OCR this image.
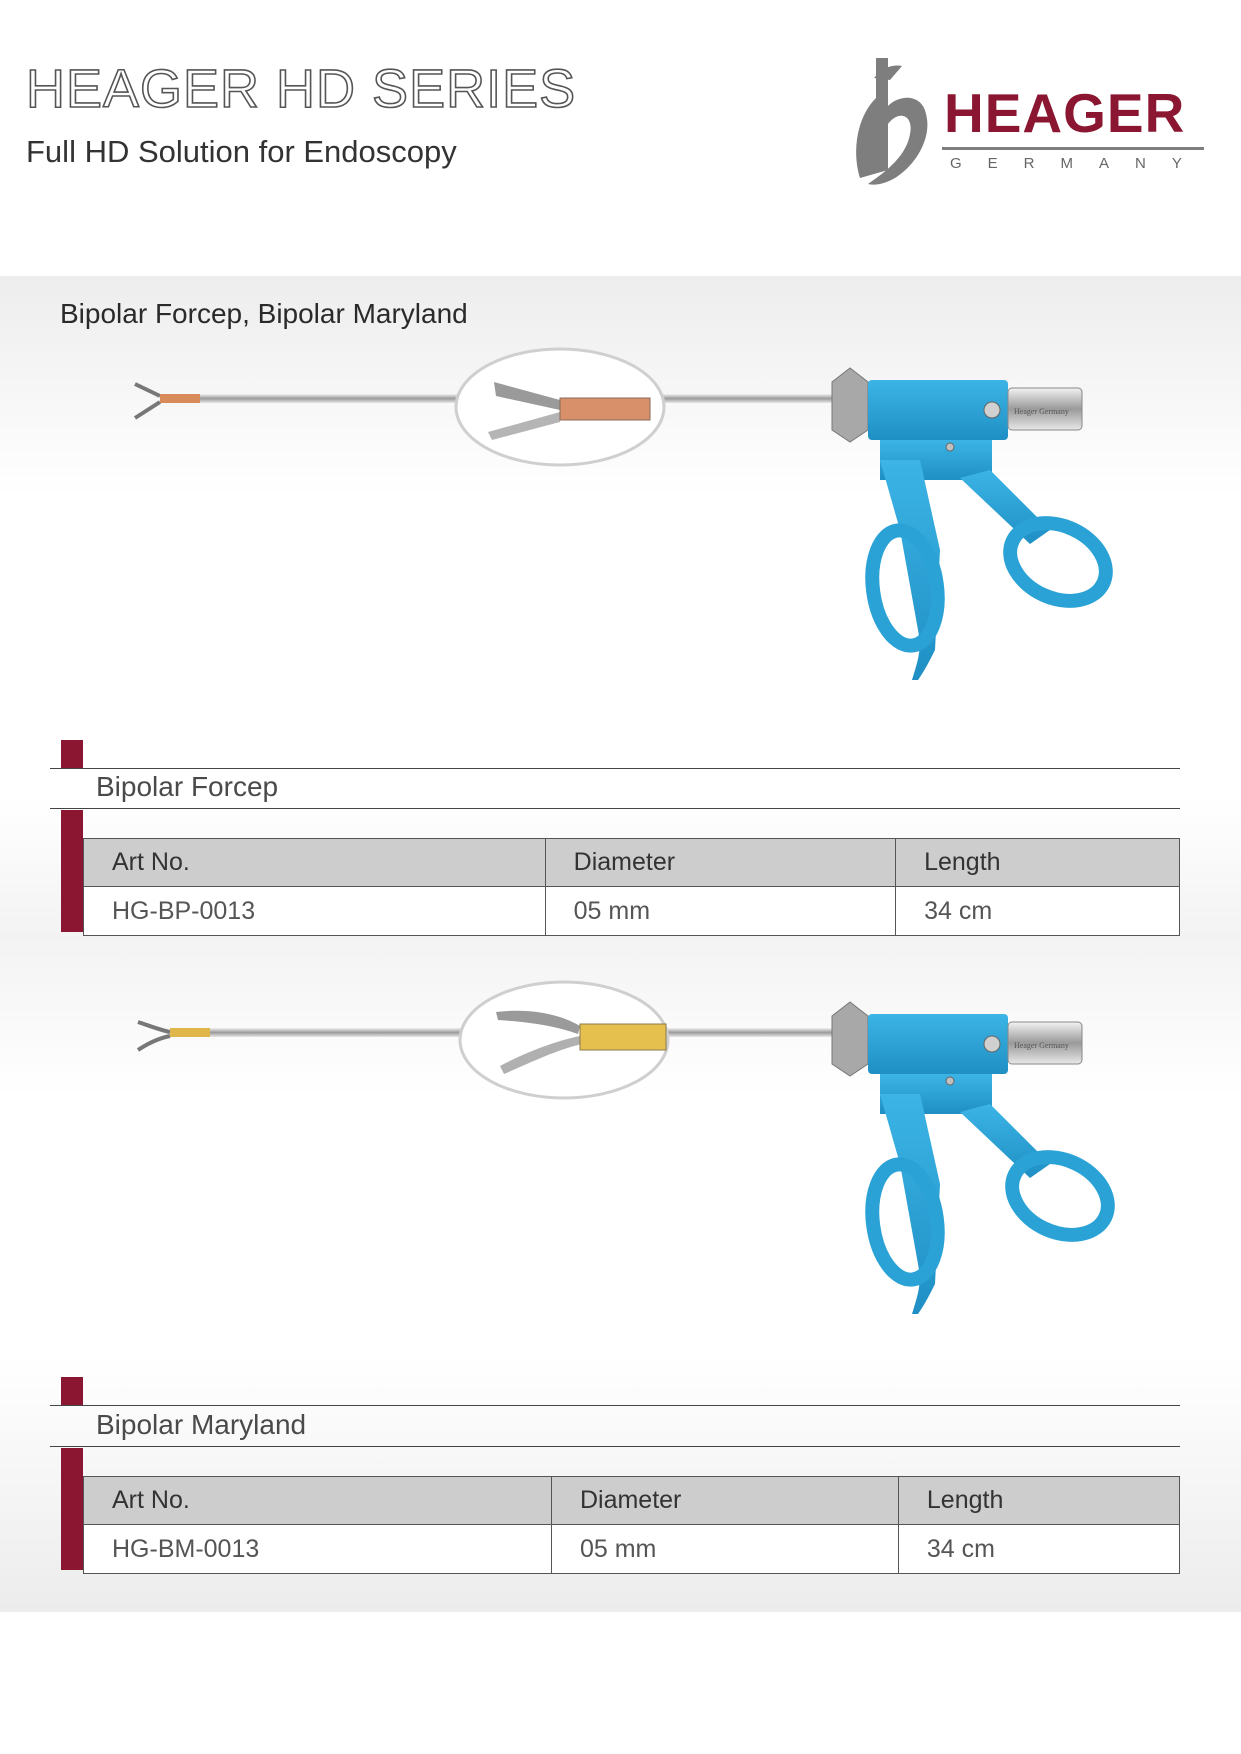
HEAGER HD SERIES
Full HD Solution for Endoscopy
HEAGER
GERMANY
Bipolar Forcep, Bipolar Maryland
Heager Germany
Bipolar Forcep
Art No.	Diameter	Length
HG-BP-0013	05 mm	34 cm
Heager Germany
Bipolar Maryland
Art No.	Diameter	Length
HG-BM-0013	05 mm	34 cm
